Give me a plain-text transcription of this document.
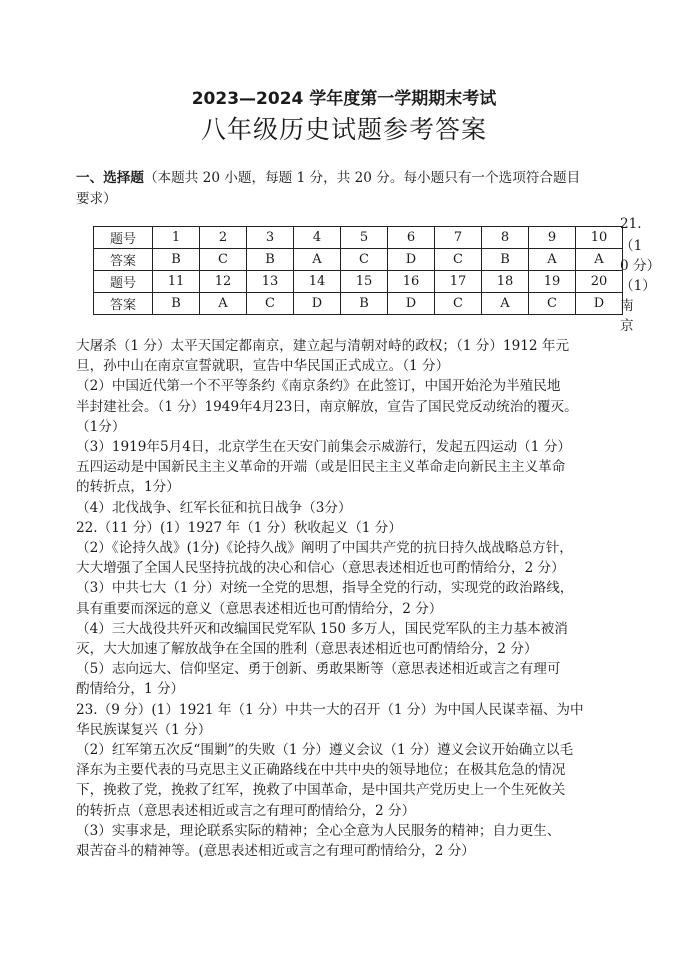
2023—2024 学年度第一学期期末考试
八年级历史试题参考答案
一、选择题（本题共 20 小题，每题 1 分，共 20 分。每小题只有一个选项符合题目
要求）
题号	1	2	3	4	5	6	7	8	9	10
答案	B	C	B	A	C	D	C	B	A	A
题号	11	12	13	14	15	16	17	18	19	20
答案	B	A	C	D	B	D	C	A	C	D
21.
（1
0 分）
（1）
南
京
大屠杀（1 分）太平天国定都南京，建立起与清朝对峙的政权；（1 分）1912 年元
旦，孙中山在南京宣誓就职，宣告中华民国正式成立。（1 分）
（2）中国近代第一个不平等条约《南京条约》在此签订，中国开始沦为半殖民地
半封建社会。（1 分）1949年4月23日，南京解放，宣告了国民党反动统治的覆灭。
（1分）
（3）1919年5月4日，北京学生在天安门前集会示威游行，发起五四运动（1 分）
五四运动是中国新民主主义革命的开端（或是旧民主主义革命走向新民主主义革命
的转折点，1分）
（4）北伐战争、红军长征和抗日战争（3分）
22.（11 分）(1）1927 年（1 分）秋收起义（1 分）
（2）《论持久战》(1分)《论持久战》阐明了中国共产党的抗日持久战战略总方针，
大大增强了全国人民坚持抗战的决心和信心（意思表述相近也可酌情给分，2 分）
（3）中共七大（1 分）对统一全党的思想，指导全党的行动，实现党的政治路线，
具有重要而深远的意义（意思表述相近也可酌情给分，2 分）
（4）三大战役共歼灭和改编国民党军队 150 多万人，国民党军队的主力基本被消
灭，大大加速了解放战争在全国的胜利（意思表述相近也可酌情给分，2 分）
（5）志向远大、信仰坚定、勇于创新、勇敢果断等（意思表述相近或言之有理可
酌情给分，1 分）
23.（9 分）(1）1921 年（1 分）中共一大的召开（1 分）为中国人民谋幸福、为中
华民族谋复兴（1 分）
（2）红军第五次反“围剿”的失败（1 分）遵义会议（1 分）遵义会议开始确立以毛
泽东为主要代表的马克思主义正确路线在中共中央的领导地位；在极其危急的情况
下，挽救了党，挽救了红军，挽救了中国革命，是中国共产党历史上一个生死攸关
的转折点（意思表述相近或言之有理可酌情给分，2 分）
（3）实事求是，理论联系实际的精神；全心全意为人民服务的精神；自力更生、
艰苦奋斗的精神等。(意思表述相近或言之有理可酌情给分，2 分）
